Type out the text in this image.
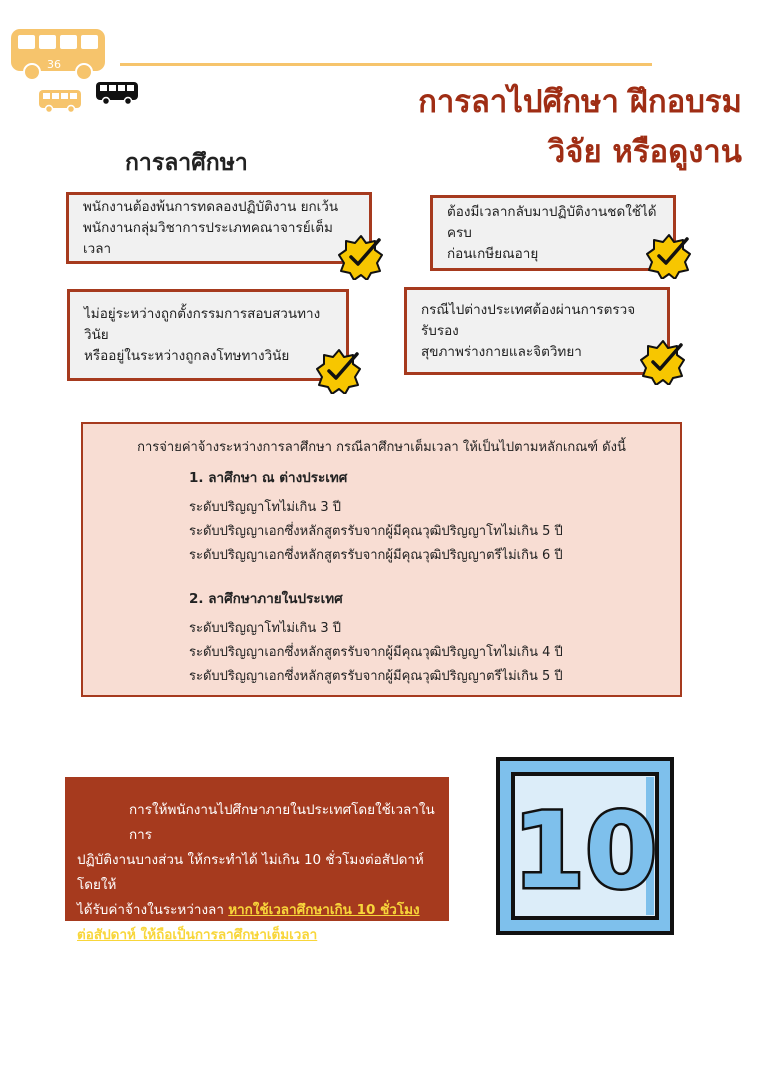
36
การลาไปศึกษา ฝึกอบรม
วิจัย หรือดูงาน
การลาศึกษา
พนักงานต้องพ้นการทดลองปฏิบัติงาน ยกเว้น
พนักงานกลุ่มวิชาการประเภทคณาจารย์เต็มเวลา
ต้องมีเวลากลับมาปฏิบัติงานชดใช้ได้ครบ
ก่อนเกษียณอายุ
ไม่อยู่ระหว่างถูกตั้งกรรมการสอบสวนทางวินัย
หรืออยู่ในระหว่างถูกลงโทษทางวินัย
กรณีไปต่างประเทศต้องผ่านการตรวจรับรอง
สุขภาพร่างกายและจิตวิทยา
การจ่ายค่าจ้างระหว่างการลาศึกษา กรณีลาศึกษาเต็มเวลา ให้เป็นไปตามหลักเกณฑ์ ดังนี้
1. ลาศึกษา ณ ต่างประเทศ
ระดับปริญญาโทไม่เกิน 3 ปี
ระดับปริญญาเอกซึ่งหลักสูตรรับจากผู้มีคุณวุฒิปริญญาโทไม่เกิน 5 ปี
ระดับปริญญาเอกซึ่งหลักสูตรรับจากผู้มีคุณวุฒิปริญญาตรีไม่เกิน 6 ปี
2. ลาศึกษาภายในประเทศ
ระดับปริญญาโทไม่เกิน 3 ปี
ระดับปริญญาเอกซึ่งหลักสูตรรับจากผู้มีคุณวุฒิปริญญาโทไม่เกิน 4 ปี
ระดับปริญญาเอกซึ่งหลักสูตรรับจากผู้มีคุณวุฒิปริญญาตรีไม่เกิน 5 ปี
การให้พนักงานไปศึกษาภายในประเทศโดยใช้เวลาในการ
ปฏิบัติงานบางส่วน ให้กระทำได้ ไม่เกิน 10 ชั่วโมงต่อสัปดาห์ โดยให้
ได้รับค่าจ้างในระหว่างลา หากใช้เวลาศึกษาเกิน 10 ชั่วโมง
ต่อสัปดาห์ ให้ถือเป็นการลาศึกษาเต็มเวลา
10
